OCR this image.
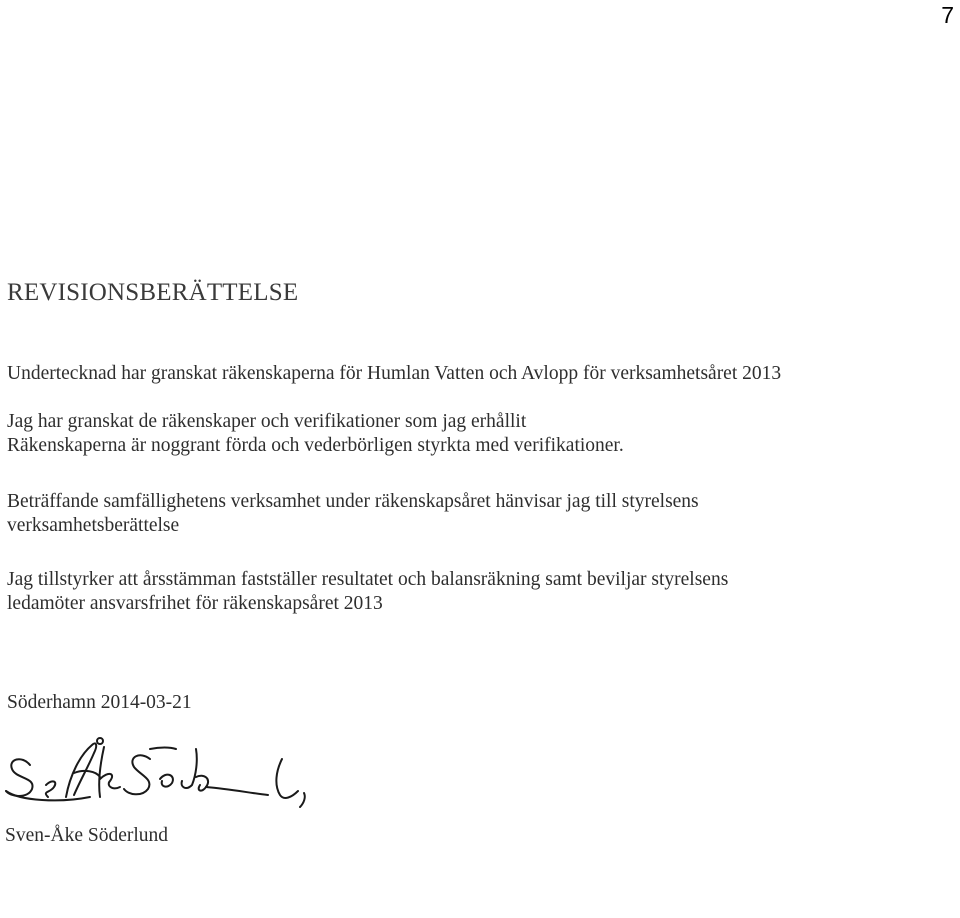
7
REVISIONSBERÄTTELSE

Undertecknad har granskat räkenskaperna för Humlan Vatten och Avlopp för verksamhetsåret 2013

Jag har granskat de räkenskaper och verifikationer som jag erhållit
Räkenskaperna är noggrant förda och vederbörligen styrkta med verifikationer.

Beträffande samfällighetens verksamhet under räkenskapsåret hänvisar jag till styrelsens
verksamhetsberättelse

Jag tillstyrker att årsstämman fastställer resultatet och balansräkning samt beviljar styrelsens
ledamöter ansvarsfrihet för räkenskapsåret 2013

Söderhamn 2014-03-21

Sven-Åke Söderlund
